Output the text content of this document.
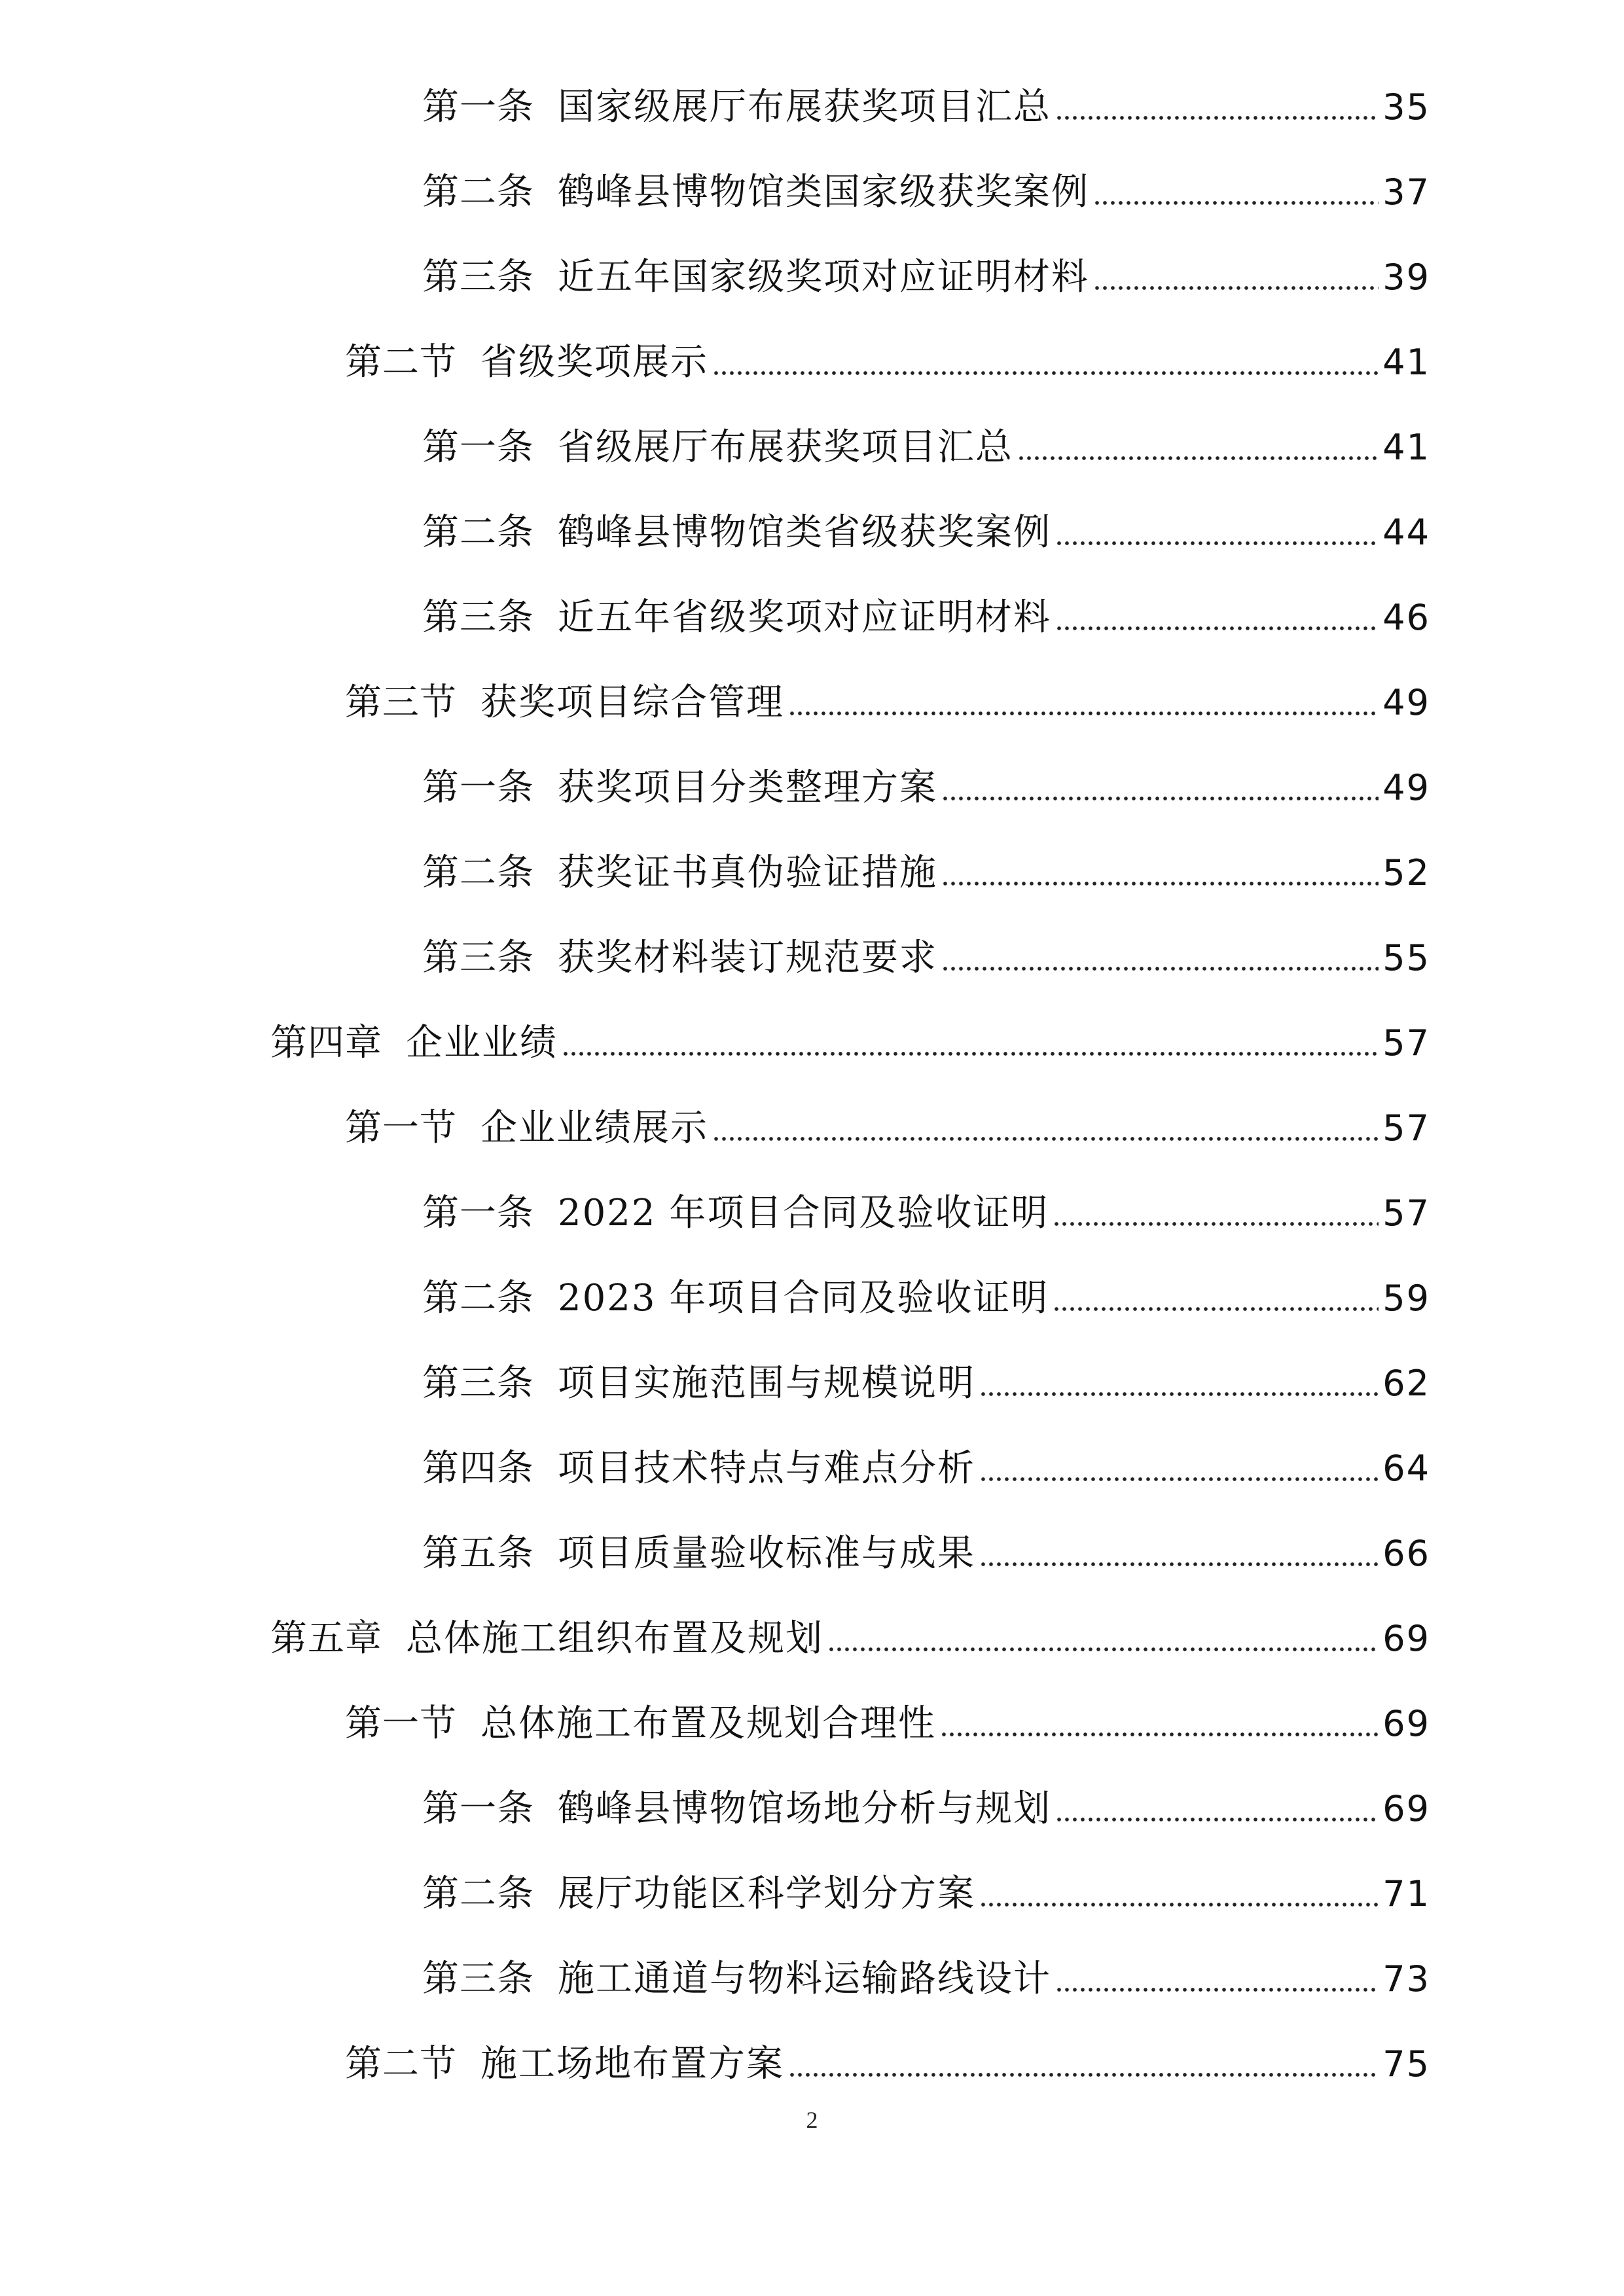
第一条 国家级展厅布展获奖项目汇总	35
第二条 鹤峰县博物馆类国家级获奖案例	37
第三条 近五年国家级奖项对应证明材料	39
第二节 省级奖项展示	41
第一条 省级展厅布展获奖项目汇总	41
第二条 鹤峰县博物馆类省级获奖案例	44
第三条 近五年省级奖项对应证明材料	46
第三节 获奖项目综合管理	49
第一条 获奖项目分类整理方案	49
第二条 获奖证书真伪验证措施	52
第三条 获奖材料装订规范要求	55
第四章 企业业绩	57
第一节 企业业绩展示	57
第一条 2022 年项目合同及验收证明	57
第二条 2023 年项目合同及验收证明	59
第三条 项目实施范围与规模说明	62
第四条 项目技术特点与难点分析	64
第五条 项目质量验收标准与成果	66
第五章 总体施工组织布置及规划	69
第一节 总体施工布置及规划合理性	69
第一条 鹤峰县博物馆场地分析与规划	69
第二条 展厅功能区科学划分方案	71
第三条 施工通道与物料运输路线设计	73
第二节 施工场地布置方案	75
2
